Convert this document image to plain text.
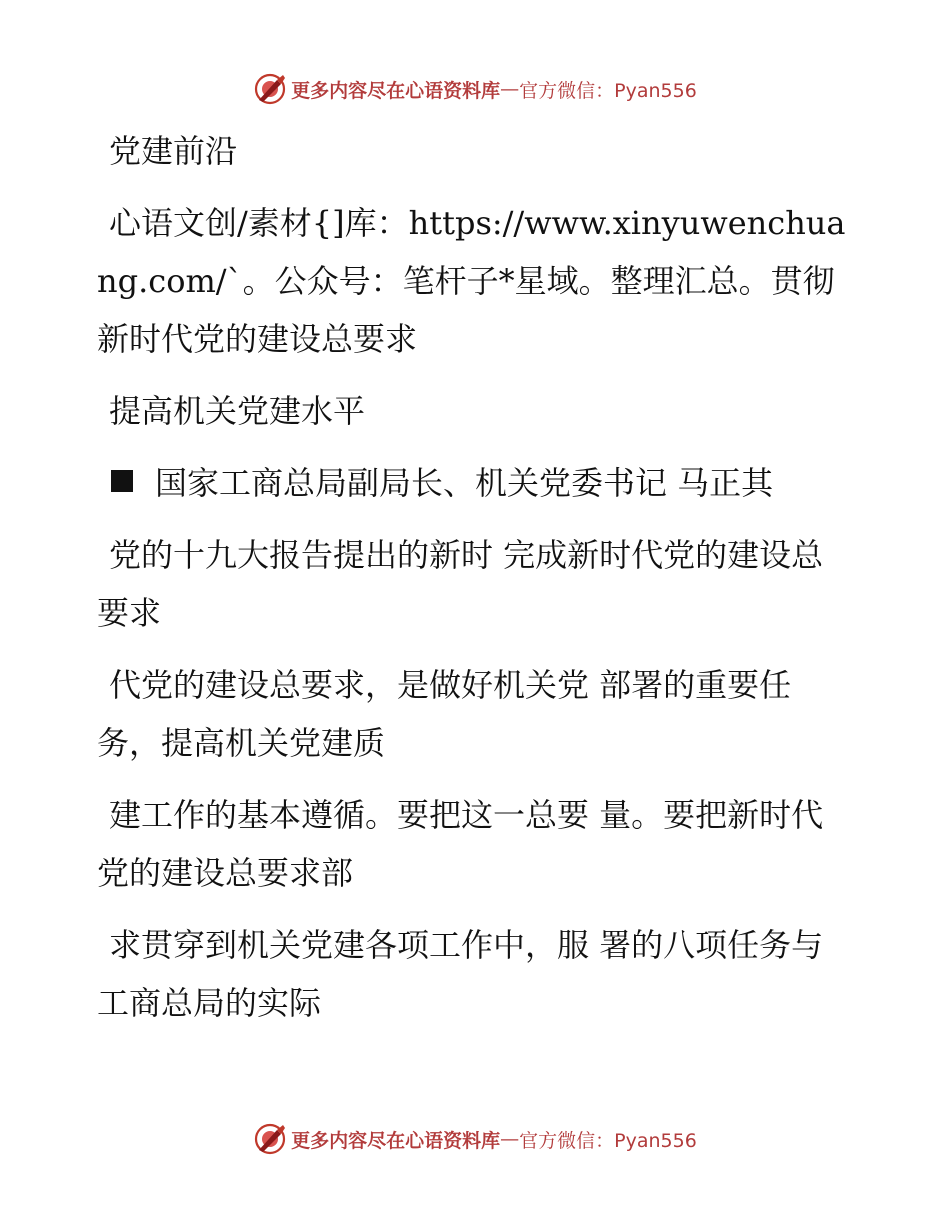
更多内容尽在心语资料库 — 官方微信：Pyan556

党建前沿

心语文创/素材{]库：https://www.xinyuwenchuang.com/`。公众号：笔杆子*星域。整理汇总。贯彻新时代党的建设总要求

提高机关党建水平

国家工商总局副局长、机关党委书记 马正其

党的十九大报告提出的新时 完成新时代党的建设总要求

代党的建设总要求，是做好机关党 部署的重要任务，提高机关党建质

建工作的基本遵循。要把这一总要 量。要把新时代党的建设总要求部

求贯穿到机关党建各项工作中，服 署的八项任务与工商总局的实际

更多内容尽在心语资料库 — 官方微信：Pyan556
